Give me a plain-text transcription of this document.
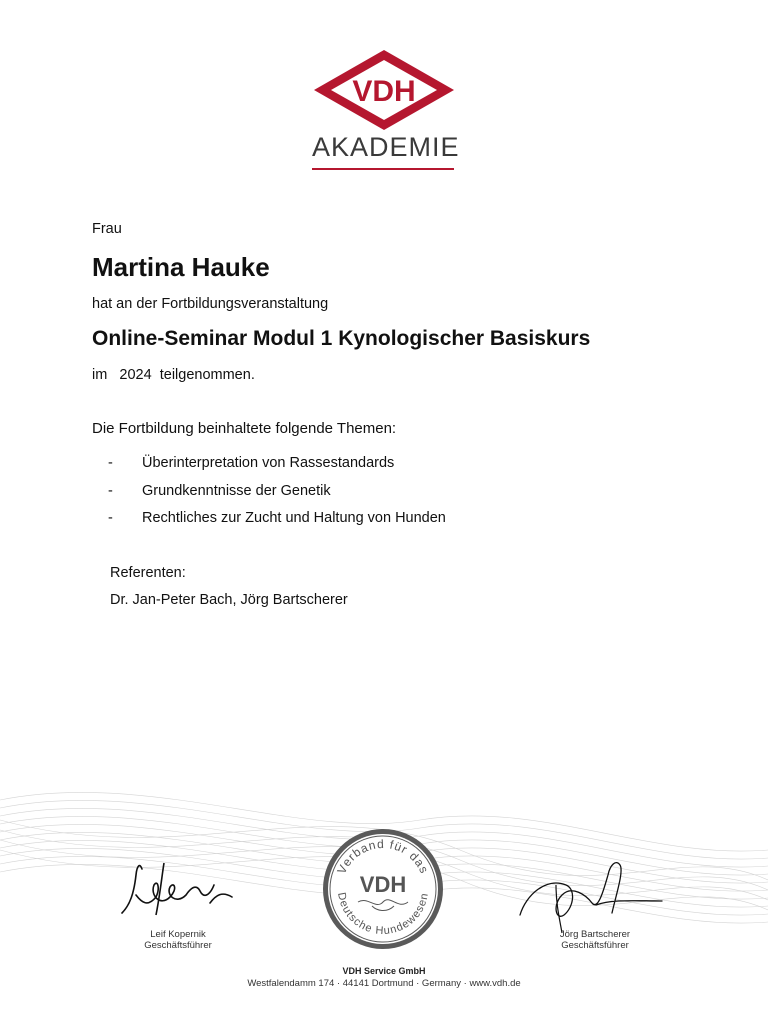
VDH
AKADEMIE
Frau
Martina Hauke
hat an der Fortbildungsveranstaltung
Online-Seminar Modul 1 Kynologischer Basiskurs
im 2024 teilgenommen.
Die Fortbildung beinhaltete folgende Themen:
- Überinterpretation von Rassestandards
- Grundkenntnisse der Genetik
- Rechtliches zur Zucht und Haltung von Hunden
Referenten:
Dr. Jan-Peter Bach, Jörg Bartscherer
Verband für das
Deutsche Hundewesen
VDH
Leif Kopernik
Geschäftsführer
Jörg Bartscherer
Geschäftsführer
VDH Service GmbH
Westfalendamm 174 · 44141 Dortmund · Germany · www.vdh.de
